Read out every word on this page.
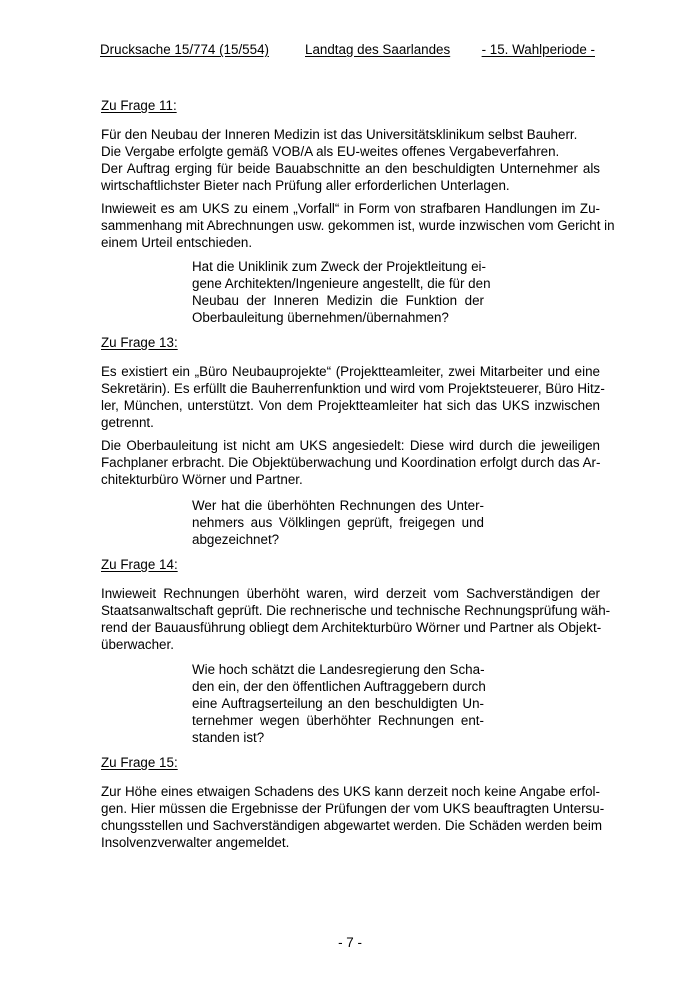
Drucksache 15/774 (15/554)	Landtag des Saarlandes - 15. Wahlperiode -

Zu Frage 11:

Für den Neubau der Inneren Medizin ist das Universitätsklinikum selbst Bauherr.
Die Vergabe erfolgte gemäß VOB/A als EU-weites offenes Vergabeverfahren.
Der Auftrag erging für beide Bauabschnitte an den beschuldigten Unternehmer als
wirtschaftlichster Bieter nach Prüfung aller erforderlichen Unterlagen.

Inwieweit es am UKS zu einem „Vorfall“ in Form von strafbaren Handlungen im Zu-
sammenhang mit Abrechnungen usw. gekommen ist, wurde inzwischen vom Gericht in
einem Urteil entschieden.

Hat die Uniklinik zum Zweck der Projektleitung ei-
gene Architekten/Ingenieure angestellt, die für den
Neubau der Inneren Medizin die Funktion der
Oberbauleitung übernehmen/übernahmen?

Zu Frage 13:

Es existiert ein „Büro Neubauprojekte“ (Projektteamleiter, zwei Mitarbeiter und eine
Sekretärin). Es erfüllt die Bauherrenfunktion und wird vom Projektsteuerer, Büro Hitz-
ler, München, unterstützt. Von dem Projektteamleiter hat sich das UKS inzwischen
getrennt.

Die Oberbauleitung ist nicht am UKS angesiedelt: Diese wird durch die jeweiligen
Fachplaner erbracht. Die Objektüberwachung und Koordination erfolgt durch das Ar-
chitekturbüro Wörner und Partner.

Wer hat die überhöhten Rechnungen des Unter-
nehmers aus Völklingen geprüft, freigegen und
abgezeichnet?

Zu Frage 14:

Inwieweit Rechnungen überhöht waren, wird derzeit vom Sachverständigen der
Staatsanwaltschaft geprüft. Die rechnerische und technische Rechnungsprüfung wäh-
rend der Bauausführung obliegt dem Architekturbüro Wörner und Partner als Objekt-
überwacher.

Wie hoch schätzt die Landesregierung den Scha-
den ein, der den öffentlichen Auftraggebern durch
eine Auftragserteilung an den beschuldigten Un-
ternehmer wegen überhöhter Rechnungen ent-
standen ist?

Zu Frage 15:

Zur Höhe eines etwaigen Schadens des UKS kann derzeit noch keine Angabe erfol-
gen. Hier müssen die Ergebnisse der Prüfungen der vom UKS beauftragten Untersu-
chungsstellen und Sachverständigen abgewartet werden. Die Schäden werden beim
Insolvenzverwalter angemeldet.

- 7 -
